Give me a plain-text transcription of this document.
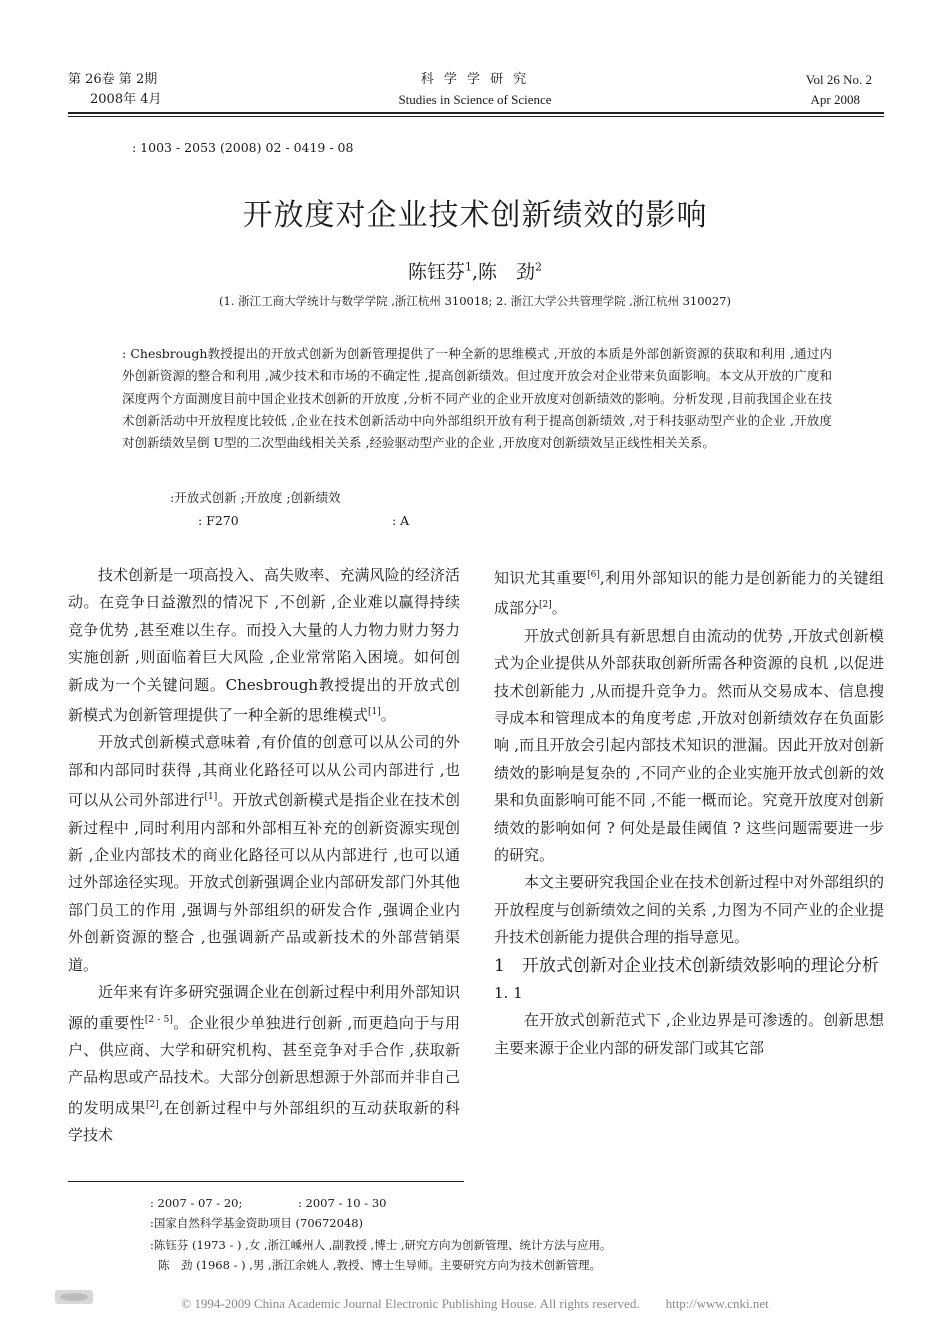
第 26卷 第 2期
2008年 4月
科 学 学 研 究
Studies in Science of Science
Vol 26 No. 2
Apr 2008
: 1003 - 2053 (2008) 02 - 0419 - 08
开放度对企业技术创新绩效的影响
陈钰芬$^1$,陈　劲$^2$
(1. 浙江工商大学统计与数学学院 ,浙江杭州 310018; 2. 浙江大学公共管理学院 ,浙江杭州 310027)
: Chesbrough教授提出的开放式创新为创新管理提供了一种全新的思维模式 ,开放的本质是外部创新资源的获取和利用 ,通过内外创新资源的整合和利用 ,减少技术和市场的不确定性 ,提高创新绩效。但过度开放会对企业带来负面影响。本文从开放的广度和深度两个方面测度目前中国企业技术创新的开放度 ,分析不同产业的企业开放度对创新绩效的影响。分析发现 ,目前我国企业在技术创新活动中开放程度比较低 ,企业在技术创新活动中向外部组织开放有利于提高创新绩效 ,对于科技驱动型产业的企业 ,开放度对创新绩效呈倒 U型的二次型曲线相关关系 ,经验驱动型产业的企业 ,开放度对创新绩效呈正线性相关关系。
:开放式创新 ;开放度 ;创新绩效
: F270	: A

技术创新是一项高投入、高失败率、充满风险的经济活动。在竞争日益激烈的情况下 ,不创新 ,企业难以赢得持续竞争优势 ,甚至难以生存。而投入大量的人力物力财力努力实施创新 ,则面临着巨大风险 ,企业常常陷入困境。如何创新成为一个关键问题。Chesbrough教授提出的开放式创新模式为创新管理提供了一种全新的思维模式[1]。

开放式创新模式意味着 ,有价值的创意可以从公司的外部和内部同时获得 ,其商业化路径可以从公司内部进行 ,也可以从公司外部进行[1]。开放式创新模式是指企业在技术创新过程中 ,同时利用内部和外部相互补充的创新资源实现创新 ,企业内部技术的商业化路径可以从内部进行 ,也可以通过外部途径实现。开放式创新强调企业内部研发部门外其他部门员工的作用 ,强调与外部组织的研发合作 ,强调企业内外创新资源的整合 ,也强调新产品或新技术的外部营销渠道。

近年来有许多研究强调企业在创新过程中利用外部知识源的重要性[2 - 5]。企业很少单独进行创新 ,而更趋向于与用户、供应商、大学和研究机构、甚至竞争对手合作 ,获取新产品构思或产品技术。大部分创新思想源于外部而并非自己的发明成果[2],在创新过程中与外部组织的互动获取新的科学技术

知识尤其重要[6],利用外部知识的能力是创新能力的关键组成部分[2]。

开放式创新具有新思想自由流动的优势 ,开放式创新模式为企业提供从外部获取创新所需各种资源的良机 ,以促进技术创新能力 ,从而提升竞争力。然而从交易成本、信息搜寻成本和管理成本的角度考虑 ,开放对创新绩效存在负面影响 ,而且开放会引起内部技术知识的泄漏。因此开放对创新绩效的影响是复杂的 ,不同产业的企业实施开放式创新的效果和负面影响可能不同 ,不能一概而论。究竟开放度对创新绩效的影响如何 ? 何处是最佳阈值 ? 这些问题需要进一步的研究。

本文主要研究我国企业在技术创新过程中对外部组织的开放程度与创新绩效之间的关系 ,力图为不同产业的企业提升技术创新能力提供合理的指导意见。

1　开放式创新对企业技术创新绩效影响的理论分析

1. 1

在开放式创新范式下 ,企业边界是可渗透的。创新思想主要来源于企业内部的研发部门或其它部

: 2007 - 07 - 20;	: 2007 - 10 - 30
:国家自然科学基金资助项目 (70672048)
:陈钰芬 (1973 - ) ,女 ,浙江嵊州人 ,副教授 ,博士 ,研究方向为创新管理、统计方法与应用。
陈　劲 (1968 - ) ,男 ,浙江余姚人 ,教授、博士生导师。主要研究方向为技术创新管理。
© 1994-2009 China Academic Journal Electronic Publishing House. All rights reserved.　　http://www.cnki.net
